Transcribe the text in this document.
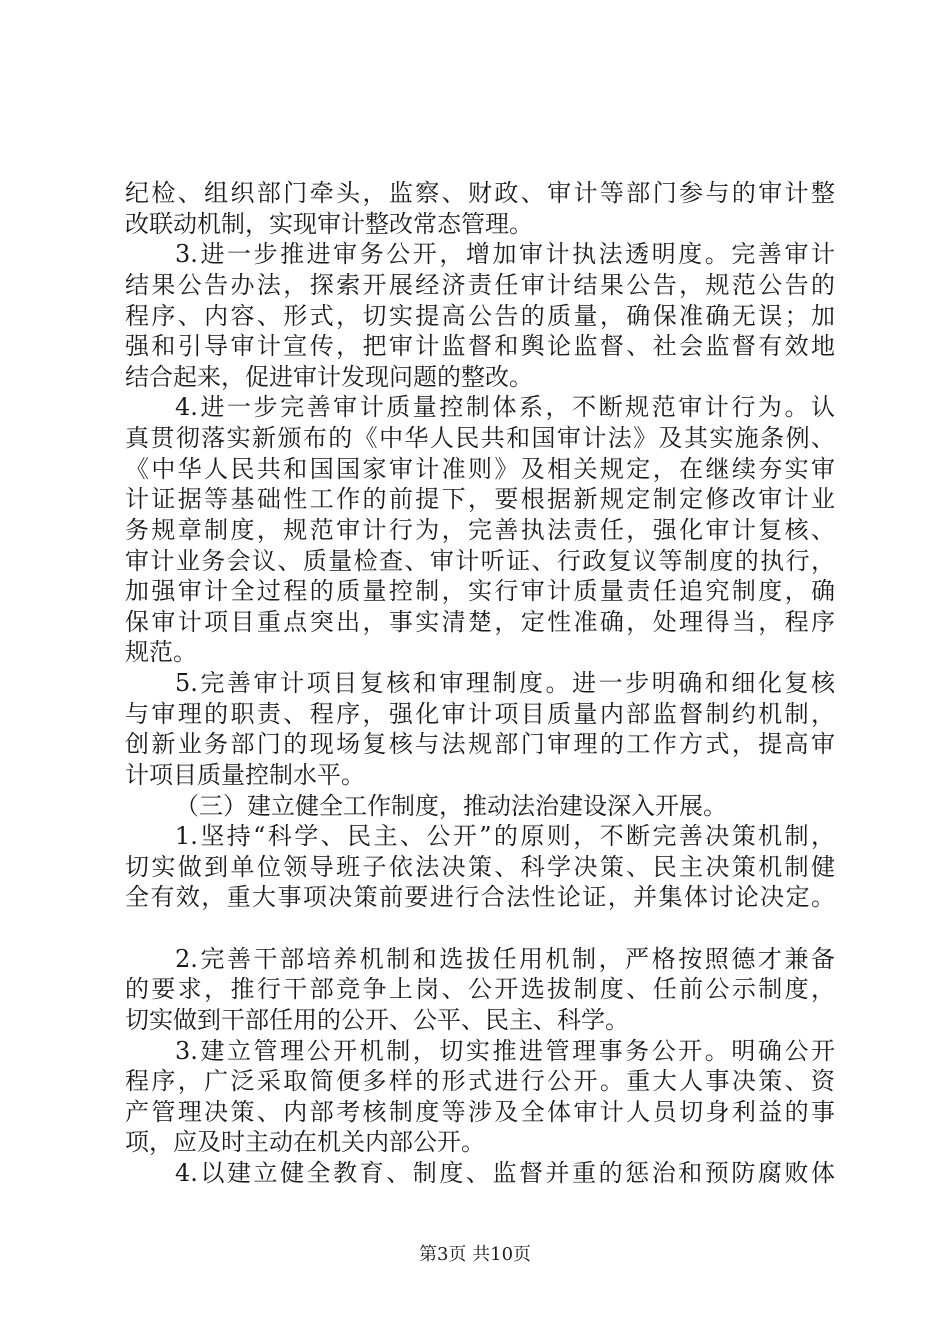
纪检、组织部门牵头，监察、财政、审计等部门参与的审计整
改联动机制，实现审计整改常态管理。
3.进一步推进审务公开，增加审计执法透明度。完善审计
结果公告办法，探索开展经济责任审计结果公告，规范公告的
程序、内容、形式，切实提高公告的质量，确保准确无误；加
强和引导审计宣传，把审计监督和舆论监督、社会监督有效地
结合起来，促进审计发现问题的整改。
4.进一步完善审计质量控制体系，不断规范审计行为。认
真贯彻落实新颁布的《中华人民共和国审计法》及其实施条例、
《中华人民共和国国家审计准则》及相关规定，在继续夯实审
计证据等基础性工作的前提下，要根据新规定制定修改审计业
务规章制度，规范审计行为，完善执法责任，强化审计复核、
审计业务会议、质量检查、审计听证、行政复议等制度的执行，
加强审计全过程的质量控制，实行审计质量责任追究制度，确
保审计项目重点突出，事实清楚，定性准确，处理得当，程序
规范。
5.完善审计项目复核和审理制度。进一步明确和细化复核
与审理的职责、程序，强化审计项目质量内部监督制约机制，
创新业务部门的现场复核与法规部门审理的工作方式，提高审
计项目质量控制水平。
（三）建立健全工作制度，推动法治建设深入开展。
1.坚持“科学、民主、公开”的原则，不断完善决策机制，
切实做到单位领导班子依法决策、科学决策、民主决策机制健
全有效，重大事项决策前要进行合法性论证，并集体讨论决定。
2.完善干部培养机制和选拔任用机制，严格按照德才兼备
的要求，推行干部竞争上岗、公开选拔制度、任前公示制度，
切实做到干部任用的公开、公平、民主、科学。
3.建立管理公开机制，切实推进管理事务公开。明确公开
程序，广泛采取简便多样的形式进行公开。重大人事决策、资
产管理决策、内部考核制度等涉及全体审计人员切身利益的事
项，应及时主动在机关内部公开。
第3页 共10页
4.以建立健全教育、制度、监督并重的惩治和预防腐败体
